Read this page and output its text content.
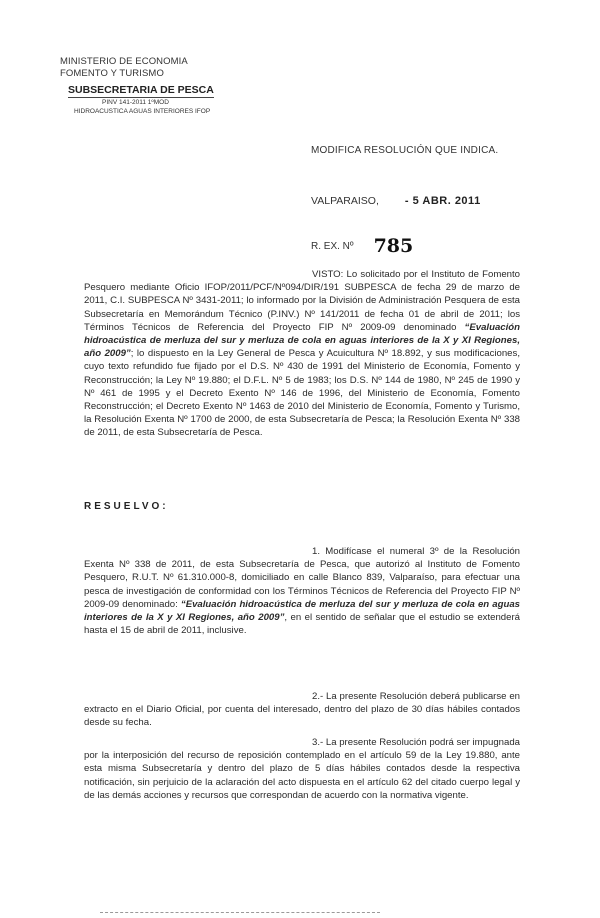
MINISTERIO DE ECONOMIA
FOMENTO Y TURISMO
SUBSECRETARIA DE PESCA
PINV 141-2011 1ºMOD
HIDROACUSTICA AGUAS INTERIORES IFOP
MODIFICA RESOLUCIÓN QUE INDICA.
VALPARAISO, - 5 ABR. 2011
R. EX. Nº 785

VISTO: Lo solicitado por el Instituto de Fomento Pesquero mediante Oficio IFOP/2011/PCF/Nº094/DIR/191 SUBPESCA de fecha 29 de marzo de 2011, C.I. SUBPESCA Nº 3431-2011; lo informado por la División de Administración Pesquera de esta Subsecretaría en Memorándum Técnico (P.INV.) Nº 141/2011 de fecha 01 de abril de 2011; los Términos Técnicos de Referencia del Proyecto FIP Nº 2009-09 denominado “Evaluación hidroacústica de merluza del sur y merluza de cola en aguas interiores de la X y XI Regiones, año 2009”; lo dispuesto en la Ley General de Pesca y Acuicultura Nº 18.892, y sus modificaciones, cuyo texto refundido fue fijado por el D.S. Nº 430 de 1991 del Ministerio de Economía, Fomento y Reconstrucción; la Ley Nº 19.880; el D.F.L. Nº 5 de 1983; los D.S. Nº 144 de 1980, Nº 245 de 1990 y Nº 461 de 1995 y el Decreto Exento Nº 146 de 1996, del Ministerio de Economía, Fomento Reconstrucción; el Decreto Exento Nº 1463 de 2010 del Ministerio de Economía, Fomento y Turismo, la Resolución Exenta Nº 1700 de 2000, de esta Subsecretaría de Pesca; la Resolución Exenta Nº 338 de 2011, de esta Subsecretaría de Pesca.

RESUELVO:

1. Modifícase el numeral 3º de la Resolución Exenta Nº 338 de 2011, de esta Subsecretaría de Pesca, que autorizó al Instituto de Fomento Pesquero, R.U.T. Nº 61.310.000-8, domiciliado en calle Blanco 839, Valparaíso, para efectuar una pesca de investigación de conformidad con los Términos Técnicos de Referencia del Proyecto FIP Nº 2009-09 denominado: “Evaluación hidroacústica de merluza del sur y merluza de cola en aguas interiores de la X y XI Regiones, año 2009”, en el sentido de señalar que el estudio se extenderá hasta el 15 de abril de 2011, inclusive.

2.- La presente Resolución deberá publicarse en extracto en el Diario Oficial, por cuenta del interesado, dentro del plazo de 30 días hábiles contados desde su fecha.

3.- La presente Resolución podrá ser impugnada por la interposición del recurso de reposición contemplado en el artículo 59 de la Ley 19.880, ante esta misma Subsecretaría y dentro del plazo de 5 días hábiles contados desde la respectiva notificación, sin perjuicio de la aclaración del acto dispuesta en el artículo 62 del citado cuerpo legal y de las demás acciones y recursos que correspondan de acuerdo con la normativa vigente.
